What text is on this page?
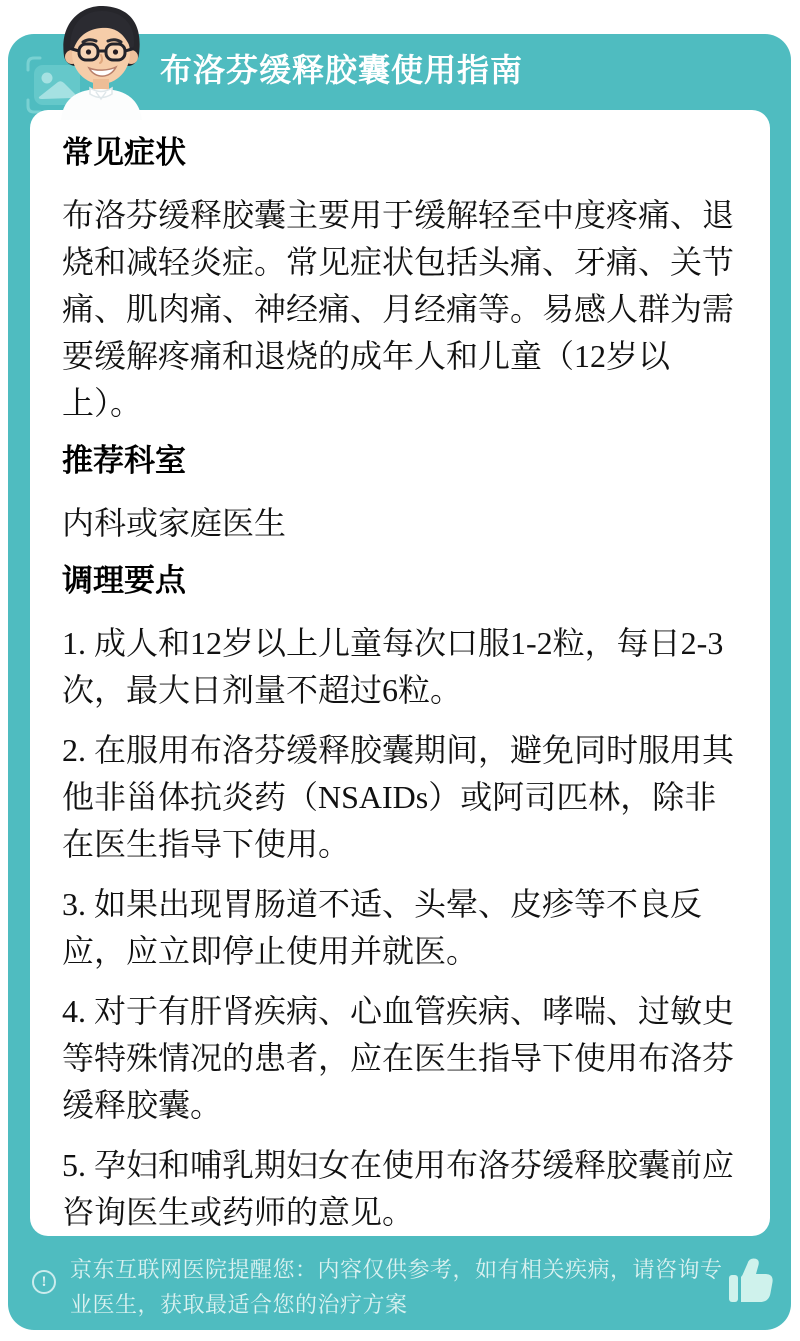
布洛芬缓释胶囊使用指南
常见症状

布洛芬缓释胶囊主要用于缓解轻至中度疼痛、退烧和减轻炎症。常见症状包括头痛、牙痛、关节痛、肌肉痛、神经痛、月经痛等。易感人群为需要缓解疼痛和退烧的成年人和儿童（12岁以上）。

推荐科室

内科或家庭医生

调理要点

1. 成人和12岁以上儿童每次口服1-2粒，每日2-3次，最大日剂量不超过6粒。

2. 在服用布洛芬缓释胶囊期间，避免同时服用其他非甾体抗炎药（NSAIDs）或阿司匹林，除非在医生指导下使用。

3. 如果出现胃肠道不适、头晕、皮疹等不良反应，应立即停止使用并就医。

4. 对于有肝肾疾病、心血管疾病、哮喘、过敏史等特殊情况的患者，应在医生指导下使用布洛芬缓释胶囊。

5. 孕妇和哺乳期妇女在使用布洛芬缓释胶囊前应咨询医生或药师的意见。

!	京东互联网医院提醒您：内容仅供参考，如有相关疾病，请咨询专业医生，获取最适合您的治疗方案
